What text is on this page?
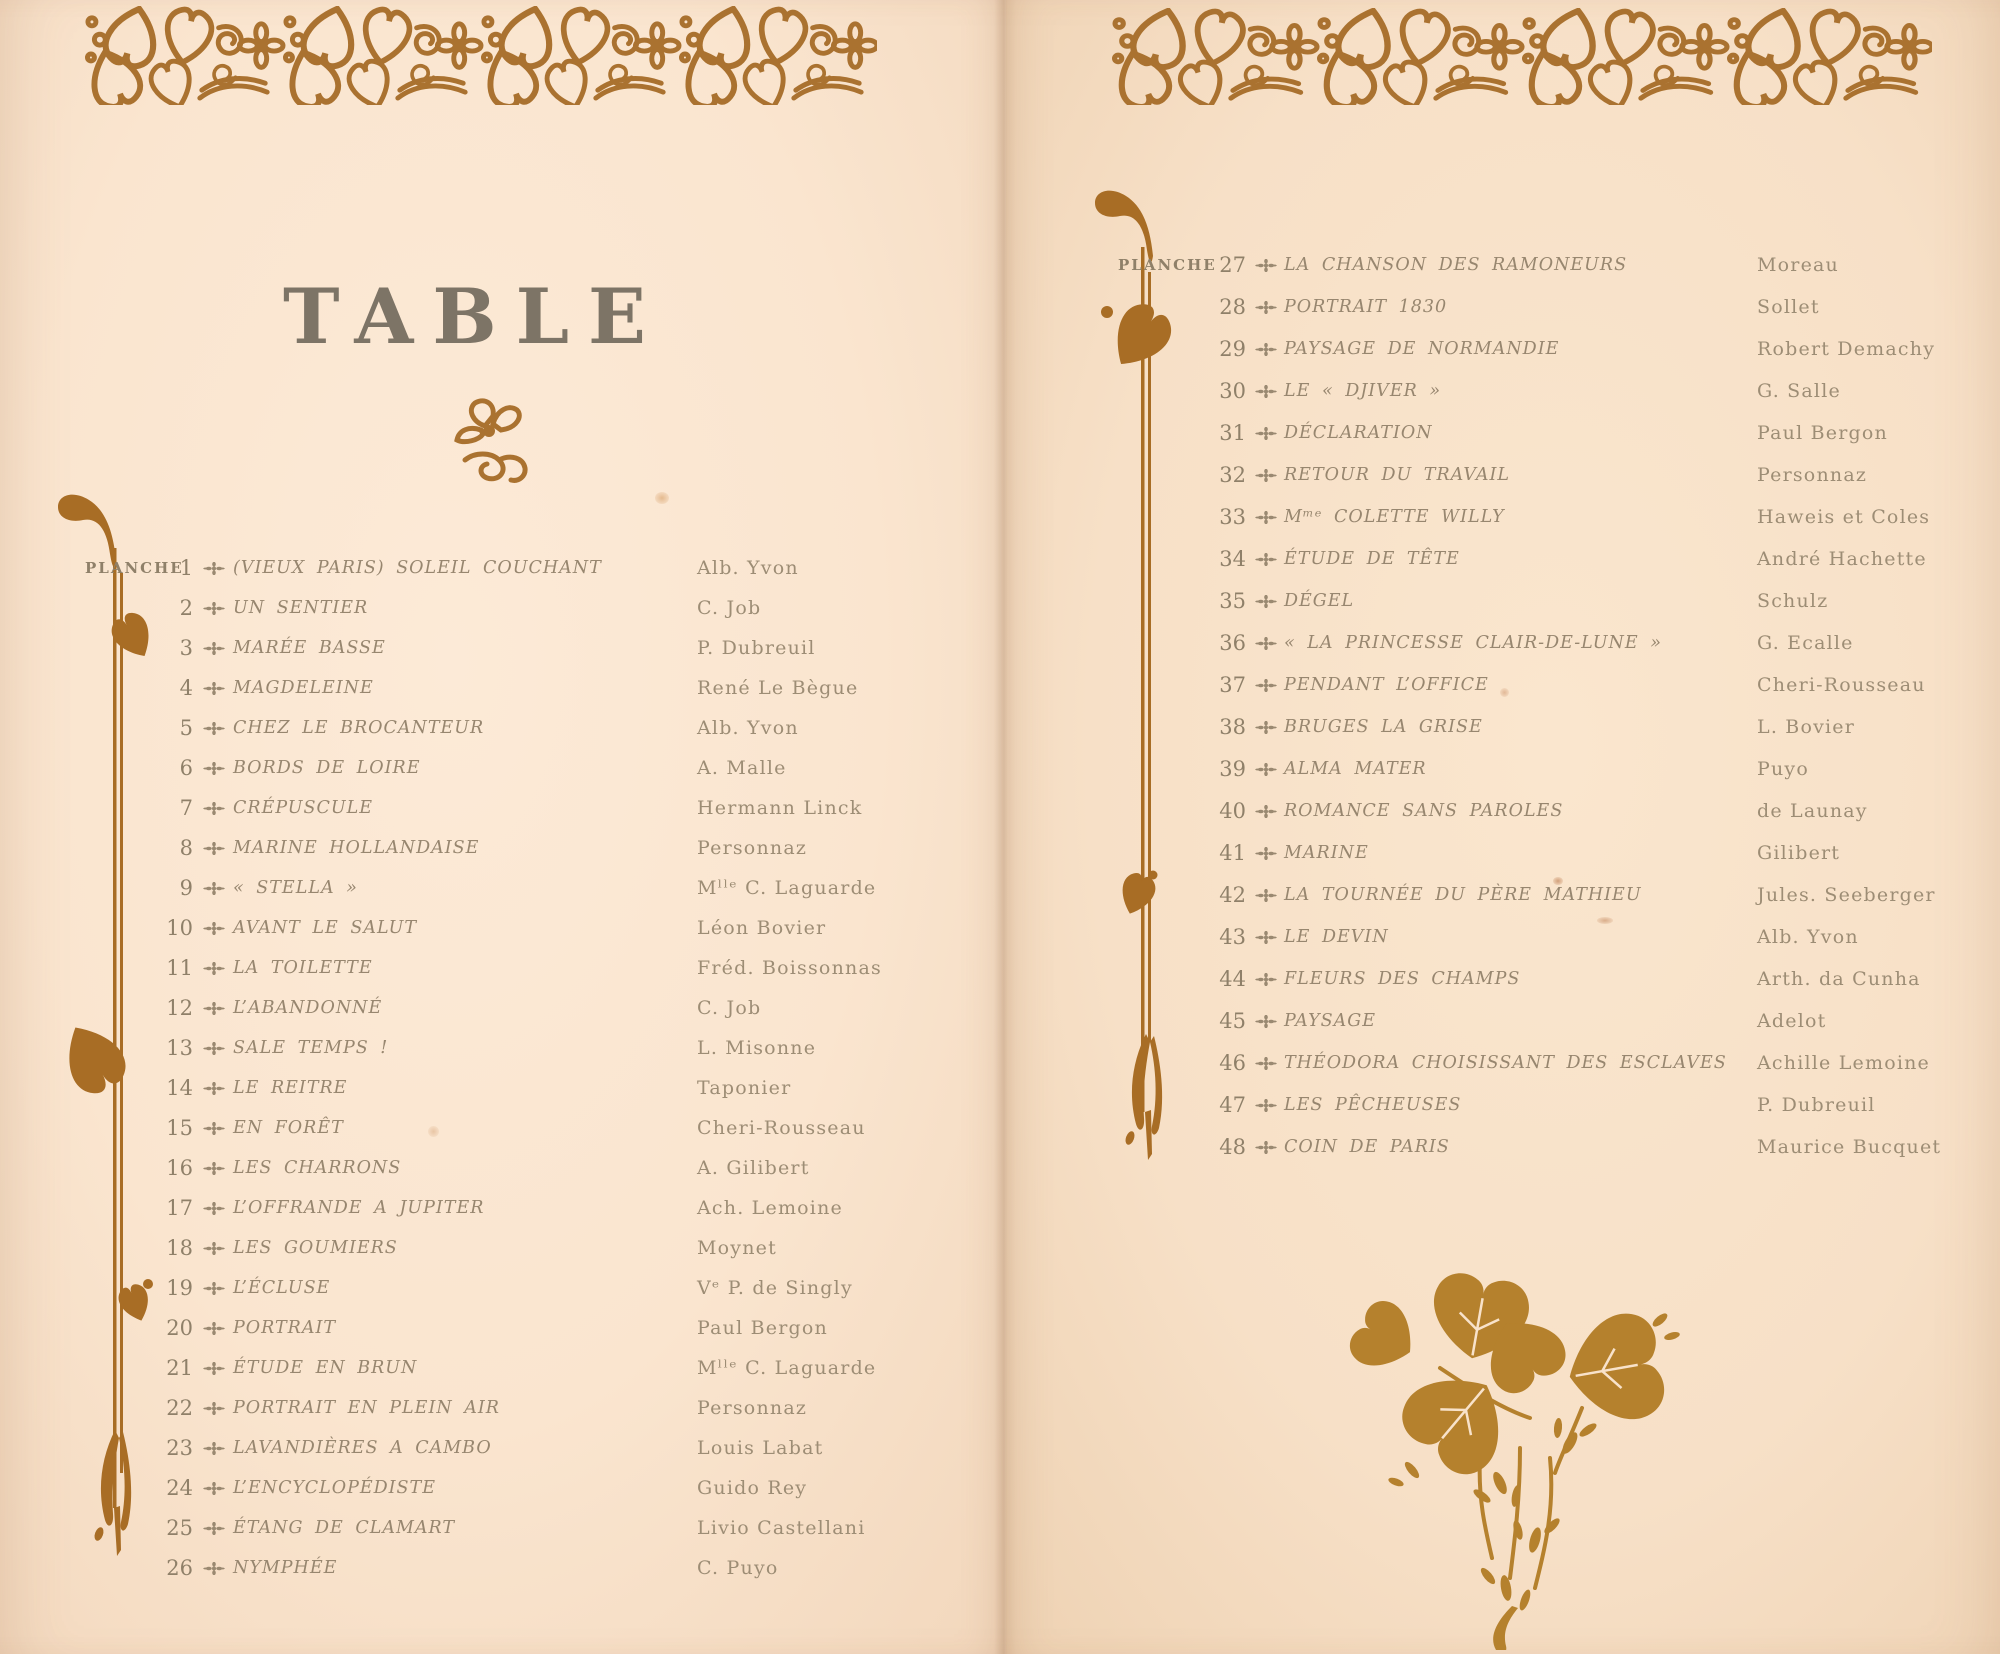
TABLE
PLANCHE
1 (VIEUX PARIS) SOLEIL COUCHANT	Alb. Yvon
2 UN SENTIER	C. Job
3 MARÉE BASSE	P. Dubreuil
4 MAGDELEINE	René Le Bègue
5 CHEZ LE BROCANTEUR	Alb. Yvon
6 BORDS DE LOIRE	A. Malle
7 CRÉPUSCULE	Hermann Linck
8 MARINE HOLLANDAISE	Personnaz
9 « STELLA »	Mˡˡᵉ C. Laguarde
10 AVANT LE SALUT	Léon Bovier
11 LA TOILETTE	Fréd. Boissonnas
12 L’ABANDONNÉ	C. Job
13 SALE TEMPS !	L. Misonne
14 LE REITRE	Taponier
15 EN FORÊT	Cheri-Rousseau
16 LES CHARRONS	A. Gilibert
17 L’OFFRANDE A JUPITER	Ach. Lemoine
18 LES GOUMIERS	Moynet
19 L’ÉCLUSE	Vᵉ P. de Singly
20 PORTRAIT	Paul Bergon
21 ÉTUDE EN BRUN	Mˡˡᵉ C. Laguarde
22 PORTRAIT EN PLEIN AIR	Personnaz
23 LAVANDIÈRES A CAMBO	Louis Labat
24 L’ENCYCLOPÉDISTE	Guido Rey
25 ÉTANG DE CLAMART	Livio Castellani
26 NYMPHÉE	C. Puyo
PLANCHE 27 LA CHANSON DES RAMONEURS	Moreau
28 PORTRAIT 1830	Sollet
29 PAYSAGE DE NORMANDIE	Robert Demachy
30 LE « DJIVER »	G. Salle
31 DÉCLARATION	Paul Bergon
32 RETOUR DU TRAVAIL	Personnaz
33 Mᵐᵉ COLETTE WILLY	Haweis et Coles
34 ÉTUDE DE TÊTE	André Hachette
35 DÉGEL	Schulz
36 « LA PRINCESSE CLAIR-DE-LUNE »	G. Ecalle
37 PENDANT L’OFFICE	Cheri-Rousseau
38 BRUGES LA GRISE	L. Bovier
39 ALMA MATER	Puyo
40 ROMANCE SANS PAROLES	de Launay
41 MARINE	Gilibert
42 LA TOURNÉE DU PÈRE MATHIEU	Jules. Seeberger
43 LE DEVIN	Alb. Yvon
44 FLEURS DES CHAMPS	Arth. da Cunha
45 PAYSAGE	Adelot
46 THÉODORA CHOISISSANT DES ESCLAVES	Achille Lemoine
47 LES PÊCHEUSES	P. Dubreuil
48 COIN DE PARIS	Maurice Bucquet
